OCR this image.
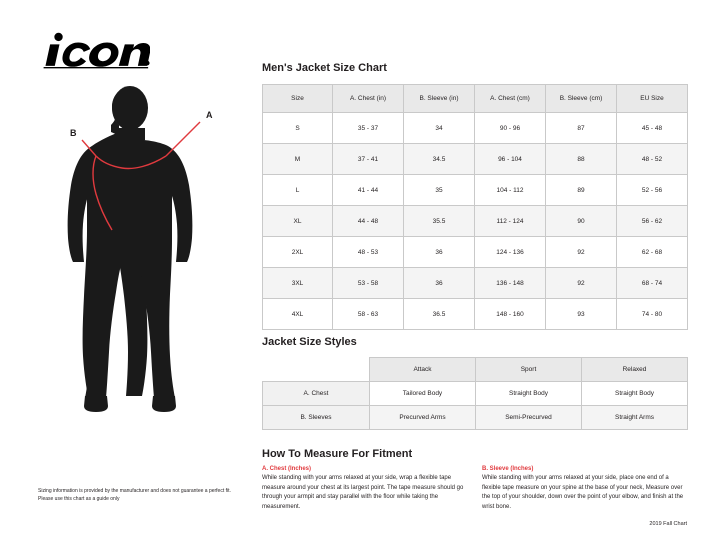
A
B
Sizing information is provided by the manufacturer and does not guarantee a perfect fit. Please use this chart as a guide only
Men's Jacket Size Chart
Size	A. Chest (in)	B. Sleeve (in)	A. Chest (cm)	B. Sleeve (cm)	EU Size
S	35 - 37	34	90 - 96	87	45 - 48
M	37 - 41	34.5	96 - 104	88	48 - 52
L	41 - 44	35	104 - 112	89	52 - 56
XL	44 - 48	35.5	112 - 124	90	56 - 62
2XL	48 - 53	36	124 - 136	92	62 - 68
3XL	53 - 58	36	136 - 148	92	68 - 74
4XL	58 - 63	36.5	148 - 160	93	74 - 80
Jacket Size Styles
	Attack	Sport	Relaxed
A. Chest	Tailored Body	Straight Body	Straight Body
B. Sleeves	Precurved Arms	Semi-Precurved	Straight Arms
How To Measure For Fitment
A. Chest (Inches)
While standing with your arms relaxed at your side, wrap a flexible tape measure around your chest at its largest point. The tape measure should go through your armpit and stay parallel with the floor while taking the measurement.
B. Sleeve (Inches)
While standing with your arms relaxed at your side, place one end of a flexible tape measure on your spine at the base of your neck, Measure over the top of your shoulder, down over the point of your elbow, and finish at the wrist bone.
2019 Fall Chart
